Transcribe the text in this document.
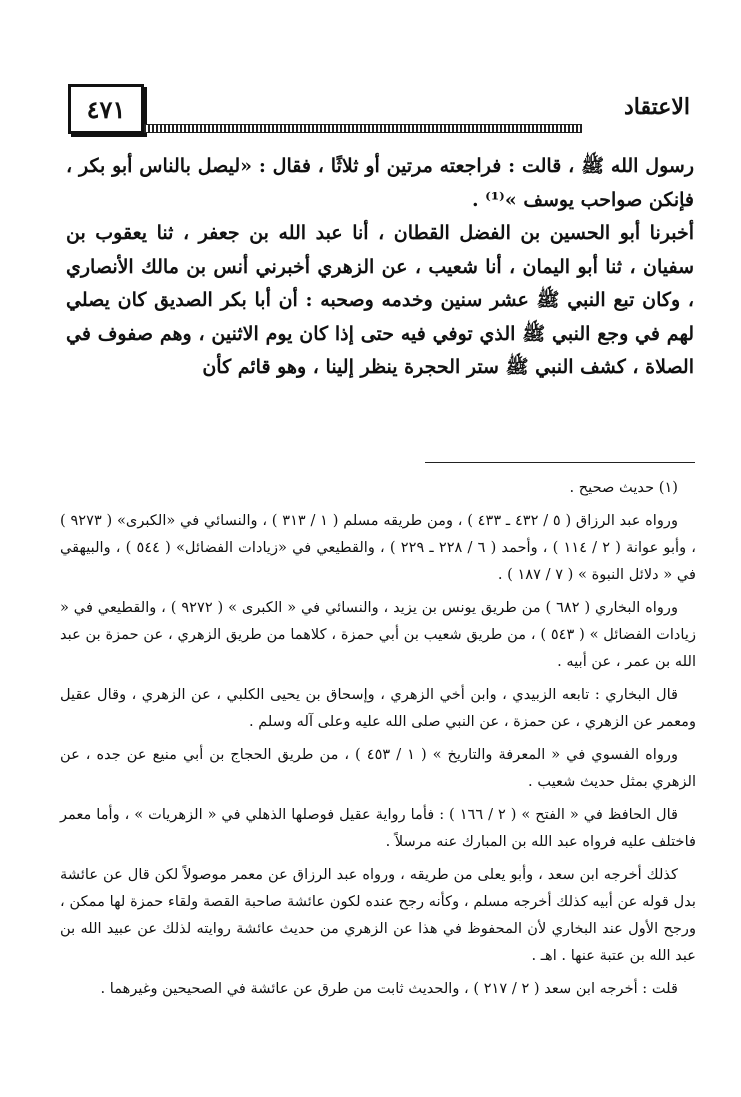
٤٧١	الاعتقاد

رسول الله ﷺ ، قالت : فراجعته مرتين أو ثلاثًا ، فقال : «ليصل بالناس أبو بكر ، فإنكن صواحب يوسف »⁽¹⁾ .

أخبرنا أبو الحسين بن الفضل القطان ، أنا عبد الله بن جعفر ، ثنا يعقوب بن سفيان ، ثنا أبو اليمان ، أنا شعيب ، عن الزهري أخبرني أنس بن مالك الأنصاري ، وكان تبع النبي ﷺ عشر سنين وخدمه وصحبه : أن أبا بكر الصديق كان يصلي لهم في وجع النبي ﷺ الذي توفي فيه حتى إذا كان يوم الاثنين ، وهم صفوف في الصلاة ، كشف النبي ﷺ ستر الحجرة ينظر إلينا ، وهو قائم كأن

(١) حديث صحيح .

ورواه عبد الرزاق ( ٥ / ٤٣٢ ـ ٤٣٣ ) ، ومن طريقه مسلم ( ١ / ٣١٣ ) ، والنسائي في «الكبرى» ( ٩٢٧٣ ) ، وأبو عوانة ( ٢ / ١١٤ ) ، وأحمد ( ٦ / ٢٢٨ ـ ٢٢٩ ) ، والقطيعي في «زيادات الفضائل» ( ٥٤٤ ) ، والبيهقي في « دلائل النبوة » ( ٧ / ١٨٧ ) .

ورواه البخاري ( ٦٨٢ ) من طريق يونس بن يزيد ، والنسائي في « الكبرى » ( ٩٢٧٢ ) ، والقطيعي في « زيادات الفضائل » ( ٥٤٣ ) ، من طريق شعيب بن أبي حمزة ، كلاهما من طريق الزهري ، عن حمزة بن عبد الله بن عمر ، عن أبيه .

قال البخاري : تابعه الزبيدي ، وابن أخي الزهري ، وإسحاق بن يحيى الكلبي ، عن الزهري ، وقال عقيل ومعمر عن الزهري ، عن حمزة ، عن النبي صلى الله عليه وعلى آله وسلم .

ورواه الفسوي في « المعرفة والتاريخ » ( ١ / ٤٥٣ ) ، من طريق الحجاج بن أبي منيع عن جده ، عن الزهري بمثل حديث شعيب .

قال الحافظ في « الفتح » ( ٢ / ١٦٦ ) : فأما رواية عقيل فوصلها الذهلي في « الزهريات » ، وأما معمر فاختلف عليه فرواه عبد الله بن المبارك عنه مرسلاً .

كذلك أخرجه ابن سعد ، وأبو يعلى من طريقه ، ورواه عبد الرزاق عن معمر موصولاً لكن قال عن عائشة بدل قوله عن أبيه كذلك أخرجه مسلم ، وكأنه رجح عنده لكون عائشة صاحبة القصة ولقاء حمزة لها ممكن ، ورجح الأول عند البخاري لأن المحفوظ في هذا عن الزهري من حديث عائشة روايته لذلك عن عبيد الله بن عبد الله بن عتبة عنها . اهـ .

قلت : أخرجه ابن سعد ( ٢ / ٢١٧ ) ، والحديث ثابت من طرق عن عائشة في الصحيحين وغيرهما .
